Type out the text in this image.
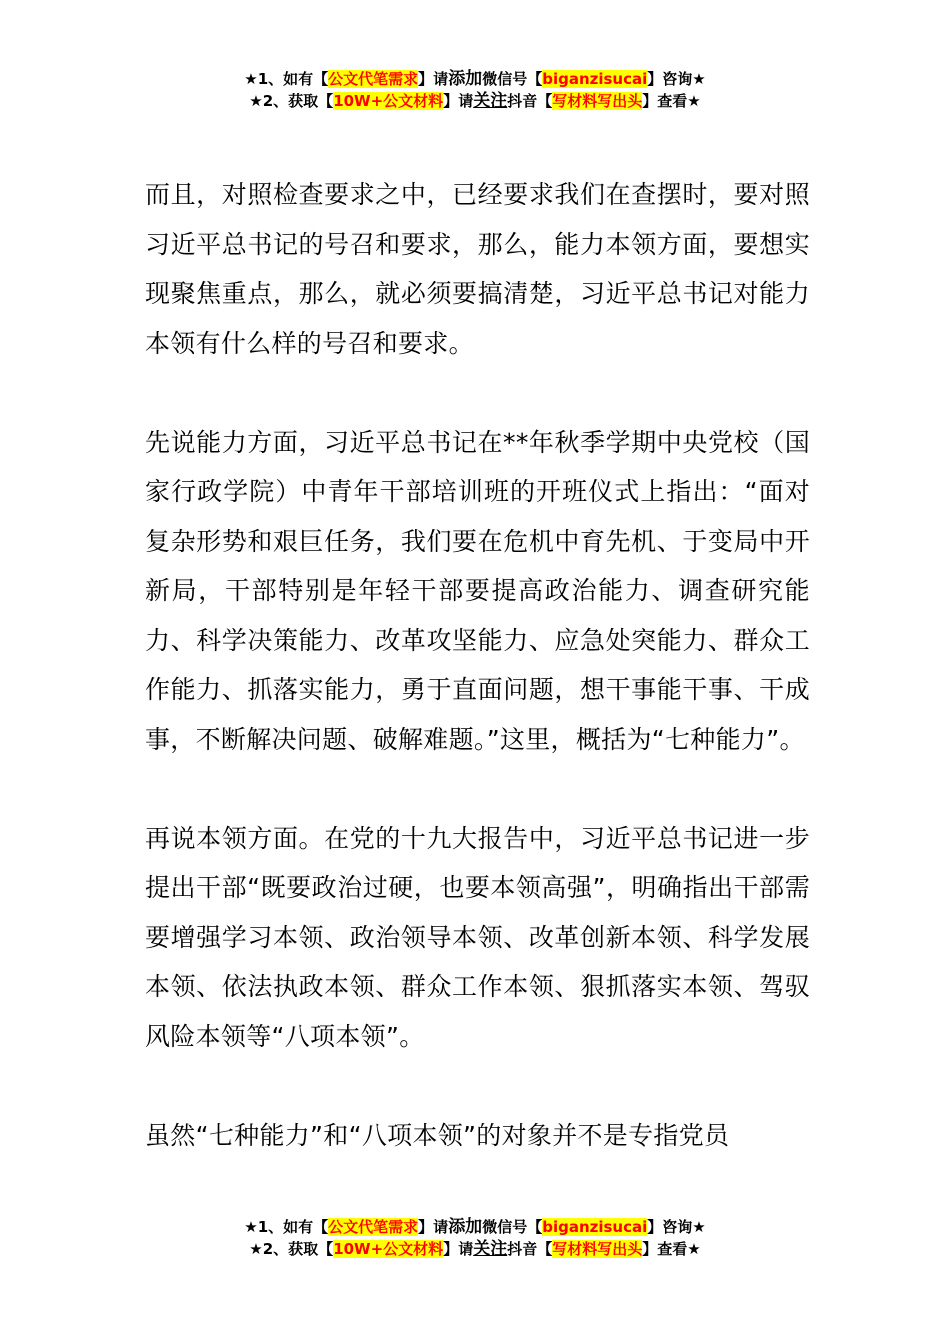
★1、如有【公文代笔需求】请添加微信号【biganzisucai】咨询★
★2、获取【10W+公文材料】请关注抖音【写材料写出头】查看★

而且，对照检查要求之中，已经要求我们在查摆时，要对照习近平总书记的号召和要求，那么，能力本领方面，要想实现聚焦重点，那么，就必须要搞清楚，习近平总书记对能力本领有什么样的号召和要求。

先说能力方面，习近平总书记在**年秋季学期中央党校（国家行政学院）中青年干部培训班的开班仪式上指出：“面对复杂形势和艰巨任务，我们要在危机中育先机、于变局中开新局，干部特别是年轻干部要提高政治能力、调查研究能力、科学决策能力、改革攻坚能力、应急处突能力、群众工作能力、抓落实能力，勇于直面问题，想干事能干事、干成事，不断解决问题、破解难题。”这里，概括为“七种能力”。

再说本领方面。在党的十九大报告中，习近平总书记进一步提出干部“既要政治过硬，也要本领高强”，明确指出干部需要增强学习本领、政治领导本领、改革创新本领、科学发展本领、依法执政本领、群众工作本领、狠抓落实本领、驾驭风险本领等“八项本领”。

虽然“七种能力”和“八项本领”的对象并不是专指党员

★1、如有【公文代笔需求】请添加微信号【biganzisucai】咨询★
★2、获取【10W+公文材料】请关注抖音【写材料写出头】查看★
